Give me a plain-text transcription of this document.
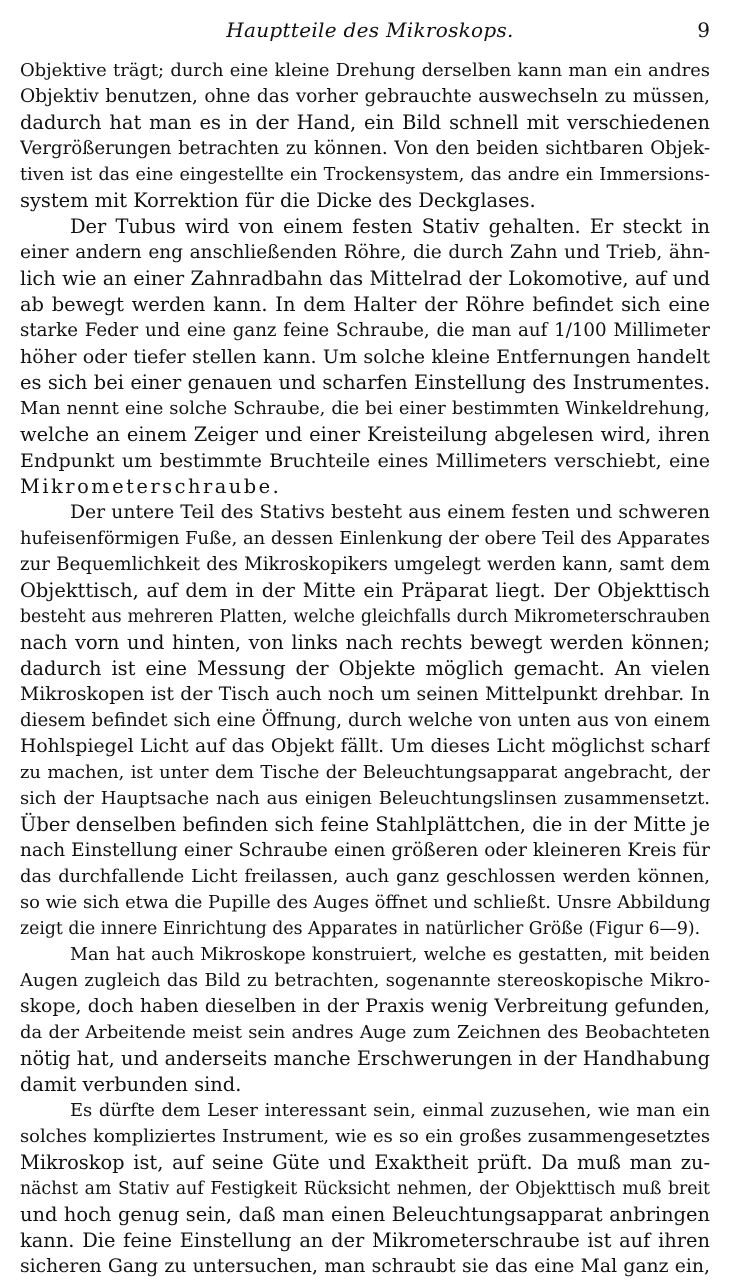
Hauptteile des Mikroskops.	9
Objektive trägt; durch eine kleine Drehung derselben kann man ein andres
Objektiv benutzen, ohne das vorher gebrauchte auswechseln zu müssen,
dadurch hat man es in der Hand, ein Bild schnell mit verschiedenen
Vergrößerungen betrachten zu können. Von den beiden sichtbaren Objek-
tiven ist das eine eingestellte ein Trockensystem, das andre ein Immersions-
system mit Korrektion für die Dicke des Deckglases.
Der Tubus wird von einem festen Stativ gehalten. Er steckt in
einer andern eng anschließenden Röhre, die durch Zahn und Trieb, ähn-
lich wie an einer Zahnradbahn das Mittelrad der Lokomotive, auf und
ab bewegt werden kann. In dem Halter der Röhre befindet sich eine
starke Feder und eine ganz feine Schraube, die man auf 1/100 Millimeter
höher oder tiefer stellen kann. Um solche kleine Entfernungen handelt
es sich bei einer genauen und scharfen Einstellung des Instrumentes.
Man nennt eine solche Schraube, die bei einer bestimmten Winkeldrehung,
welche an einem Zeiger und einer Kreisteilung abgelesen wird, ihren
Endpunkt um bestimmte Bruchteile eines Millimeters verschiebt, eine
Mikrometerschraube.
Der untere Teil des Stativs besteht aus einem festen und schweren
hufeisenförmigen Fuße, an dessen Einlenkung der obere Teil des Apparates
zur Bequemlichkeit des Mikroskopikers umgelegt werden kann, samt dem
Objekttisch, auf dem in der Mitte ein Präparat liegt. Der Objekttisch
besteht aus mehreren Platten, welche gleichfalls durch Mikrometerschrauben
nach vorn und hinten, von links nach rechts bewegt werden können;
dadurch ist eine Messung der Objekte möglich gemacht. An vielen
Mikroskopen ist der Tisch auch noch um seinen Mittelpunkt drehbar. In
diesem befindet sich eine Öffnung, durch welche von unten aus von einem
Hohlspiegel Licht auf das Objekt fällt. Um dieses Licht möglichst scharf
zu machen, ist unter dem Tische der Beleuchtungsapparat angebracht, der
sich der Hauptsache nach aus einigen Beleuchtungslinsen zusammensetzt.
Über denselben befinden sich feine Stahlplättchen, die in der Mitte je
nach Einstellung einer Schraube einen größeren oder kleineren Kreis für
das durchfallende Licht freilassen, auch ganz geschlossen werden können,
so wie sich etwa die Pupille des Auges öffnet und schließt. Unsre Abbildung
zeigt die innere Einrichtung des Apparates in natürlicher Größe (Figur 6—9).
Man hat auch Mikroskope konstruiert, welche es gestatten, mit beiden
Augen zugleich das Bild zu betrachten, sogenannte stereoskopische Mikro-
skope, doch haben dieselben in der Praxis wenig Verbreitung gefunden,
da der Arbeitende meist sein andres Auge zum Zeichnen des Beobachteten
nötig hat, und anderseits manche Erschwerungen in der Handhabung
damit verbunden sind.
Es dürfte dem Leser interessant sein, einmal zuzusehen, wie man ein
solches kompliziertes Instrument, wie es so ein großes zusammengesetztes
Mikroskop ist, auf seine Güte und Exaktheit prüft. Da muß man zu-
nächst am Stativ auf Festigkeit Rücksicht nehmen, der Objekttisch muß breit
und hoch genug sein, daß man einen Beleuchtungsapparat anbringen
kann. Die feine Einstellung an der Mikrometerschraube ist auf ihren
sicheren Gang zu untersuchen, man schraubt sie das eine Mal ganz ein,
